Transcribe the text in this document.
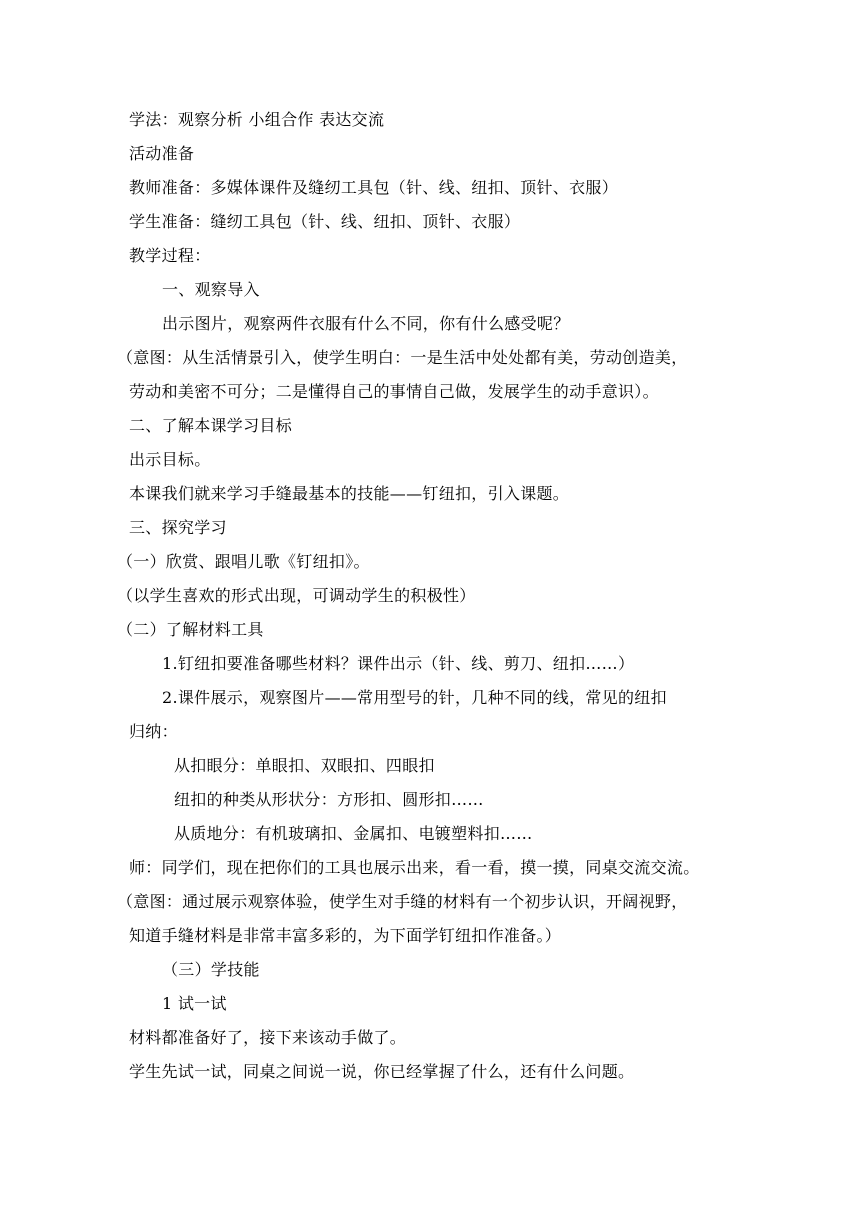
学法：观察分析 小组合作 表达交流
活动准备
教师准备：多媒体课件及缝纫工具包（针、线、纽扣、顶针、衣服）
学生准备：缝纫工具包（针、线、纽扣、顶针、衣服）
教学过程：
一、观察导入
出示图片，观察两件衣服有什么不同，你有什么感受呢？
（意图：从生活情景引入，使学生明白：一是生活中处处都有美，劳动创造美，
劳动和美密不可分；二是懂得自己的事情自己做，发展学生的动手意识）。
二、了解本课学习目标
出示目标。
本课我们就来学习手缝最基本的技能——钉纽扣，引入课题。
三、探究学习
（一）欣赏、跟唱儿歌《钉纽扣》。
（以学生喜欢的形式出现，可调动学生的积极性）
（二）了解材料工具
1.钉纽扣要准备哪些材料？课件出示（针、线、剪刀、纽扣……）
2.课件展示，观察图片——常用型号的针，几种不同的线，常见的纽扣
归纳：
从扣眼分：单眼扣、双眼扣、四眼扣
纽扣的种类从形状分：方形扣、圆形扣……
从质地分：有机玻璃扣、金属扣、电镀塑料扣……
师：同学们，现在把你们的工具也展示出来，看一看，摸一摸，同桌交流交流。
（意图：通过展示观察体验，使学生对手缝的材料有一个初步认识，开阔视野，
知道手缝材料是非常丰富多彩的，为下面学钉纽扣作准备。）
（三）学技能
1 试一试
材料都准备好了，接下来该动手做了。
学生先试一试，同桌之间说一说，你已经掌握了什么，还有什么问题。
